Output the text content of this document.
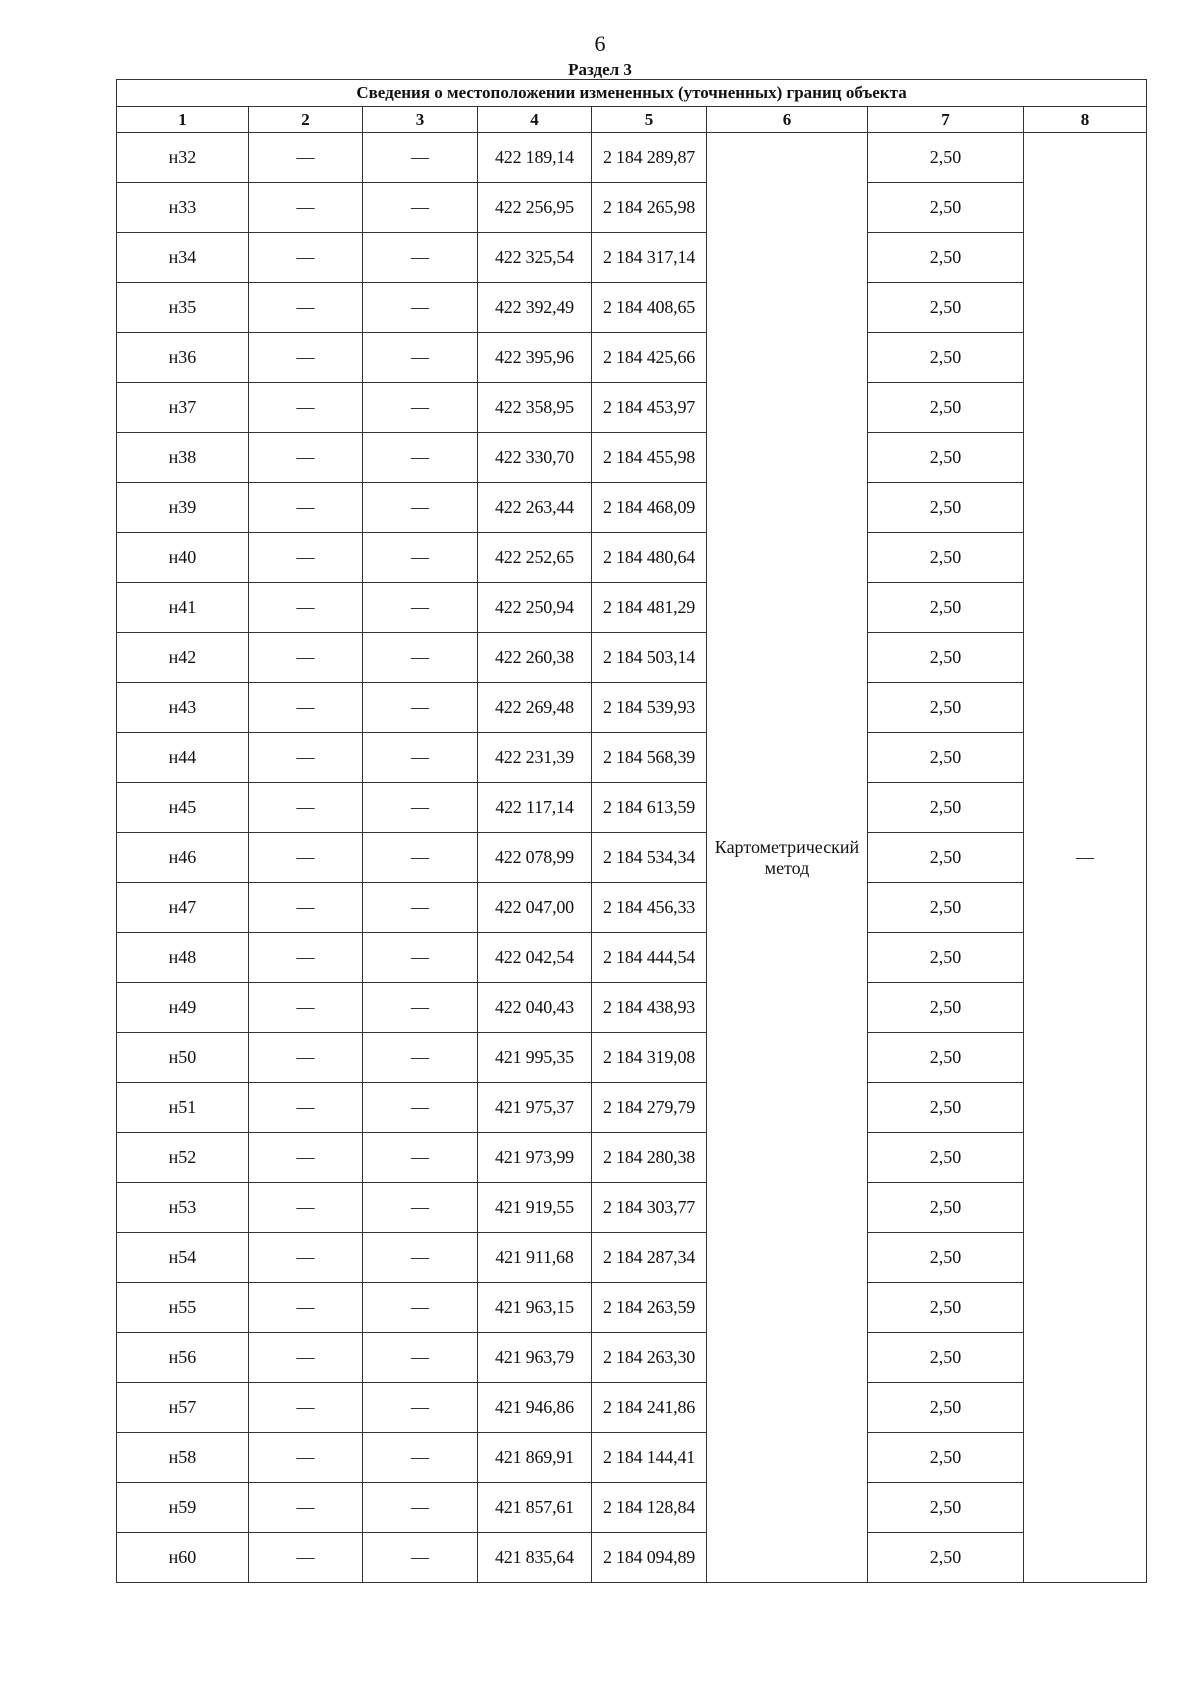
6
Раздел 3
Сведения о местоположении измененных (уточненных) границ объекта							
1	2	3	4	5	6	7	8
н32	—	—	422 189,14	2 184 289,87	Картометрический метод	2,50	—
н33	—	—	422 256,95	2 184 265,98		2,50	
н34	—	—	422 325,54	2 184 317,14		2,50	
н35	—	—	422 392,49	2 184 408,65		2,50	
н36	—	—	422 395,96	2 184 425,66		2,50	
н37	—	—	422 358,95	2 184 453,97		2,50	
н38	—	—	422 330,70	2 184 455,98		2,50	
н39	—	—	422 263,44	2 184 468,09		2,50	
н40	—	—	422 252,65	2 184 480,64		2,50	
н41	—	—	422 250,94	2 184 481,29		2,50	
н42	—	—	422 260,38	2 184 503,14		2,50	
н43	—	—	422 269,48	2 184 539,93		2,50	
н44	—	—	422 231,39	2 184 568,39		2,50	
н45	—	—	422 117,14	2 184 613,59		2,50	
н46	—	—	422 078,99	2 184 534,34		2,50	
н47	—	—	422 047,00	2 184 456,33		2,50	
н48	—	—	422 042,54	2 184 444,54		2,50	
н49	—	—	422 040,43	2 184 438,93		2,50	
н50	—	—	421 995,35	2 184 319,08		2,50	
н51	—	—	421 975,37	2 184 279,79		2,50	
н52	—	—	421 973,99	2 184 280,38		2,50	
н53	—	—	421 919,55	2 184 303,77		2,50	
н54	—	—	421 911,68	2 184 287,34		2,50	
н55	—	—	421 963,15	2 184 263,59		2,50	
н56	—	—	421 963,79	2 184 263,30		2,50	
н57	—	—	421 946,86	2 184 241,86		2,50	
н58	—	—	421 869,91	2 184 144,41		2,50	
н59	—	—	421 857,61	2 184 128,84		2,50	
н60	—	—	421 835,64	2 184 094,89		2,50	
